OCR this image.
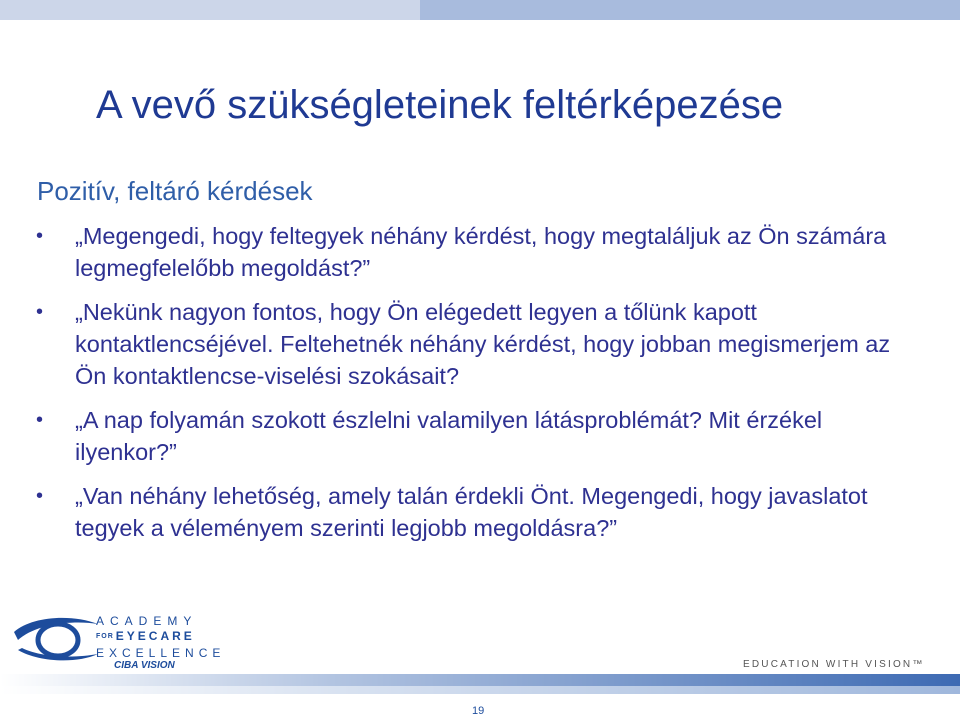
A vevő szükségleteinek feltérképezése
Pozitív, feltáró kérdések
• „Megengedi, hogy feltegyek néhány kérdést, hogy megtaláljuk az Ön számára legmegfelelőbb megoldást?”
• „Nekünk nagyon fontos, hogy Ön elégedett legyen a tőlünk kapott kontaktlencséjével. Feltehetnék néhány kérdést, hogy jobban megismerjem az Ön kontaktlencse-viselési szokásait?
• „A nap folyamán szokott észlelni valamilyen látásproblémát? Mit érzékel ilyenkor?”
• „Van néhány lehetőség, amely talán érdekli Önt. Megengedi, hogy javaslatot tegyek a véleményem szerinti legjobb megoldásra?”
ACADEMY
FOR EYECARE
EXCELLENCE
CIBA VISION	EDUCATION WITH VISION™
19
